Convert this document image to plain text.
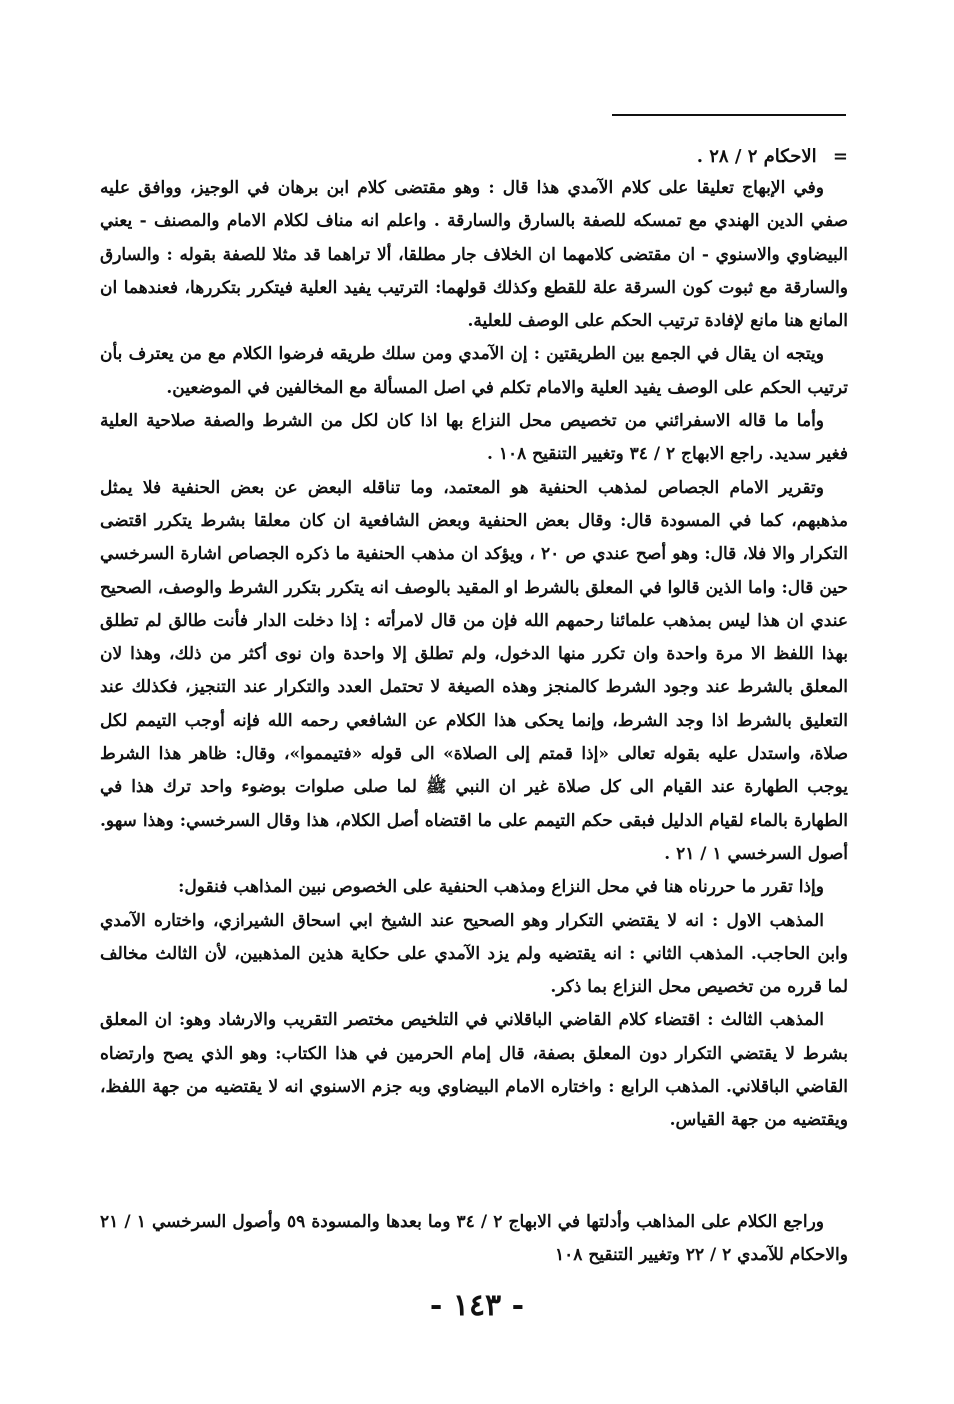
= الاحكام ٢ / ٢٨ .

وفي الإبهاج تعليقا على كلام الآمدي هذا قال : وهو مقتضى كلام ابن برهان في الوجيز، ووافق عليه صفي الدين الهندي مع تمسكه للصفة بالسارق والسارقة . واعلم انه مناف لكلام الامام والمصنف - يعني البيضاوي والاسنوي - ان مقتضى كلامهما ان الخلاف جار مطلقا، ألا تراهما قد مثلا للصفة بقوله : والسارق والسارقة مع ثبوت كون السرقة علة للقطع وكذلك قولهما: الترتيب يفيد العلية فيتكرر بتكررها، فعندهما ان المانع هنا مانع لإفادة ترتيب الحكم على الوصف للعلية.

ويتجه ان يقال في الجمع بين الطريقتين : إن الآمدي ومن سلك طريقه فرضوا الكلام مع من يعترف بأن ترتيب الحكم على الوصف يفيد العلية والامام تكلم في اصل المسألة مع المخالفين في الموضعين.

وأما ما قاله الاسفرائني من تخصيص محل النزاع بها اذا كان لكل من الشرط والصفة صلاحية العلية فغير سديد. راجع الابهاج ٢ / ٣٤ وتغيير التنقيح ١٠٨ .

وتقرير الامام الجصاص لمذهب الحنفية هو المعتمد، وما تناقله البعض عن بعض الحنفية فلا يمثل مذهبهم، كما في المسودة قال: وقال بعض الحنفية وبعض الشافعية ان كان معلقا بشرط يتكرر اقتضى التكرار والا فلا، قال: وهو أصح عندي ص ٢٠ ، ويؤكد ان مذهب الحنفية ما ذكره الجصاص اشارة السرخسي حين قال: واما الذين قالوا في المعلق بالشرط او المقيد بالوصف انه يتكرر بتكرر الشرط والوصف، الصحيح عندي ان هذا ليس بمذهب علمائنا رحمهم الله فإن من قال لامرأته : إذا دخلت الدار فأنت طالق لم تطلق بهذا اللفظ الا مرة واحدة وان تكرر منها الدخول، ولم تطلق إلا واحدة وان نوى أكثر من ذلك، وهذا لان المعلق بالشرط عند وجود الشرط كالمنجز وهذه الصيغة لا تحتمل العدد والتكرار عند التنجيز، فكذلك عند التعليق بالشرط اذا وجد الشرط، وإنما يحكى هذا الكلام عن الشافعي رحمه الله فإنه أوجب التيمم لكل صلاة، واستدل عليه بقوله تعالى «إذا قمتم إلى الصلاة» الى قوله «فتيمموا»، وقال: ظاهر هذا الشرط يوجب الطهارة عند القيام الى كل صلاة غير ان النبي ﷺ لما صلى صلوات بوضوء واحد ترك هذا في الطهارة بالماء لقيام الدليل فبقى حكم التيمم على ما اقتضاه أصل الكلام، هذا وقال السرخسي: وهذا سهو. أصول السرخسي ١ / ٢١ .

وإذا تقرر ما حررناه هنا في محل النزاع ومذهب الحنفية على الخصوص نبين المذاهب فنقول:

المذهب الاول : انه لا يقتضي التكرار وهو الصحيح عند الشيخ ابي اسحاق الشيرازي، واختاره الآمدي وابن الحاجب. المذهب الثاني : انه يقتضيه ولم يزد الآمدي على حكاية هذين المذهبين، لأن الثالث مخالف لما قرره من تخصيص محل النزاع بما ذكر.

المذهب الثالث : اقتضاء كلام القاضي الباقلاني في التلخيص مختصر التقريب والارشاد وهو: ان المعلق بشرط لا يقتضي التكرار دون المعلق بصفة، قال إمام الحرمين في هذا الكتاب: وهو الذي يصح وارتضاه القاضي الباقلاني. المذهب الرابع : واختاره الامام البيضاوي وبه جزم الاسنوي انه لا يقتضيه من جهة اللفظ، ويقتضيه من جهة القياس.

وراجع الكلام على المذاهب وأدلتها في الابهاج ٢ / ٣٤ وما بعدها والمسودة ٥٩ وأصول السرخسي ١ / ٢١ والاحكام للآمدي ٢ / ٢٢ وتغيير التنقيح ١٠٨

- ١٤٣ -
